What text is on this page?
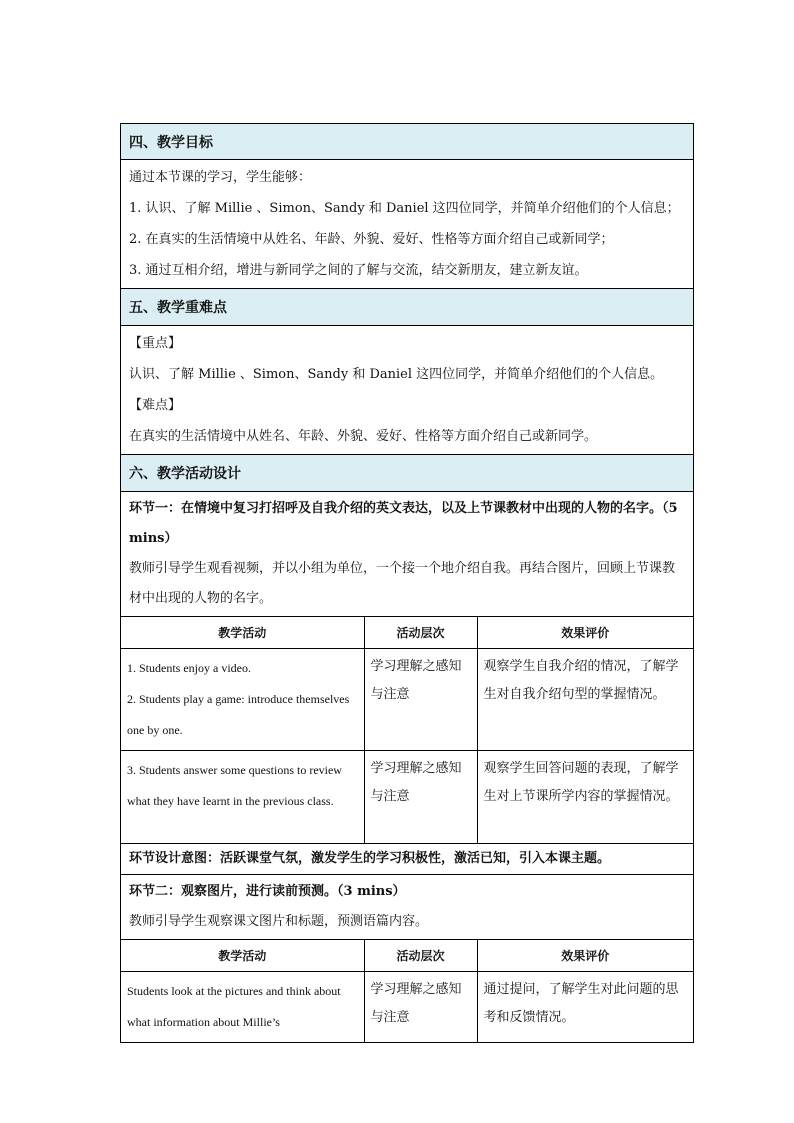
四、教学目标
通过本节课的学习，学生能够：
1. 认识、了解 Millie 、Simon、Sandy 和 Daniel 这四位同学，并简单介绍他们的个人信息；
2. 在真实的生活情境中从姓名、年龄、外貌、爱好、性格等方面介绍自己或新同学；
3. 通过互相介绍，增进与新同学之间的了解与交流，结交新朋友，建立新友谊。
五、教学重难点
【重点】
认识、了解 Millie 、Simon、Sandy 和 Daniel 这四位同学，并简单介绍他们的个人信息。
【难点】
在真实的生活情境中从姓名、年龄、外貌、爱好、性格等方面介绍自己或新同学。
六、教学活动设计
环节一：在情境中复习打招呼及自我介绍的英文表达，以及上节课教材中出现的人物的名字。（5 mins）
教师引导学生观看视频，并以小组为单位，一个接一个地介绍自我。再结合图片，回顾上节课教材中出现的人物的名字。
教学活动	活动层次	效果评价

1. Students enjoy a video.
2. Students play a game: introduce themselves one by one.	学习理解之感知与注意	观察学生自我介绍的情况，了解学生对自我介绍句型的掌握情况。

3. Students answer some questions to review what they have learnt in the previous class.	学习理解之感知与注意	观察学生回答问题的表现，了解学生对上节课所学内容的掌握情况。
环节设计意图：活跃课堂气氛，激发学生的学习积极性，激活已知，引入本课主题。
环节二：观察图片，进行读前预测。（3 mins）
教师引导学生观察课文图片和标题，预测语篇内容。
教学活动	活动层次	效果评价

Students look at the pictures and think about what information about Millie’s	学习理解之感知与注意	通过提问，了解学生对此问题的思考和反馈情况。
